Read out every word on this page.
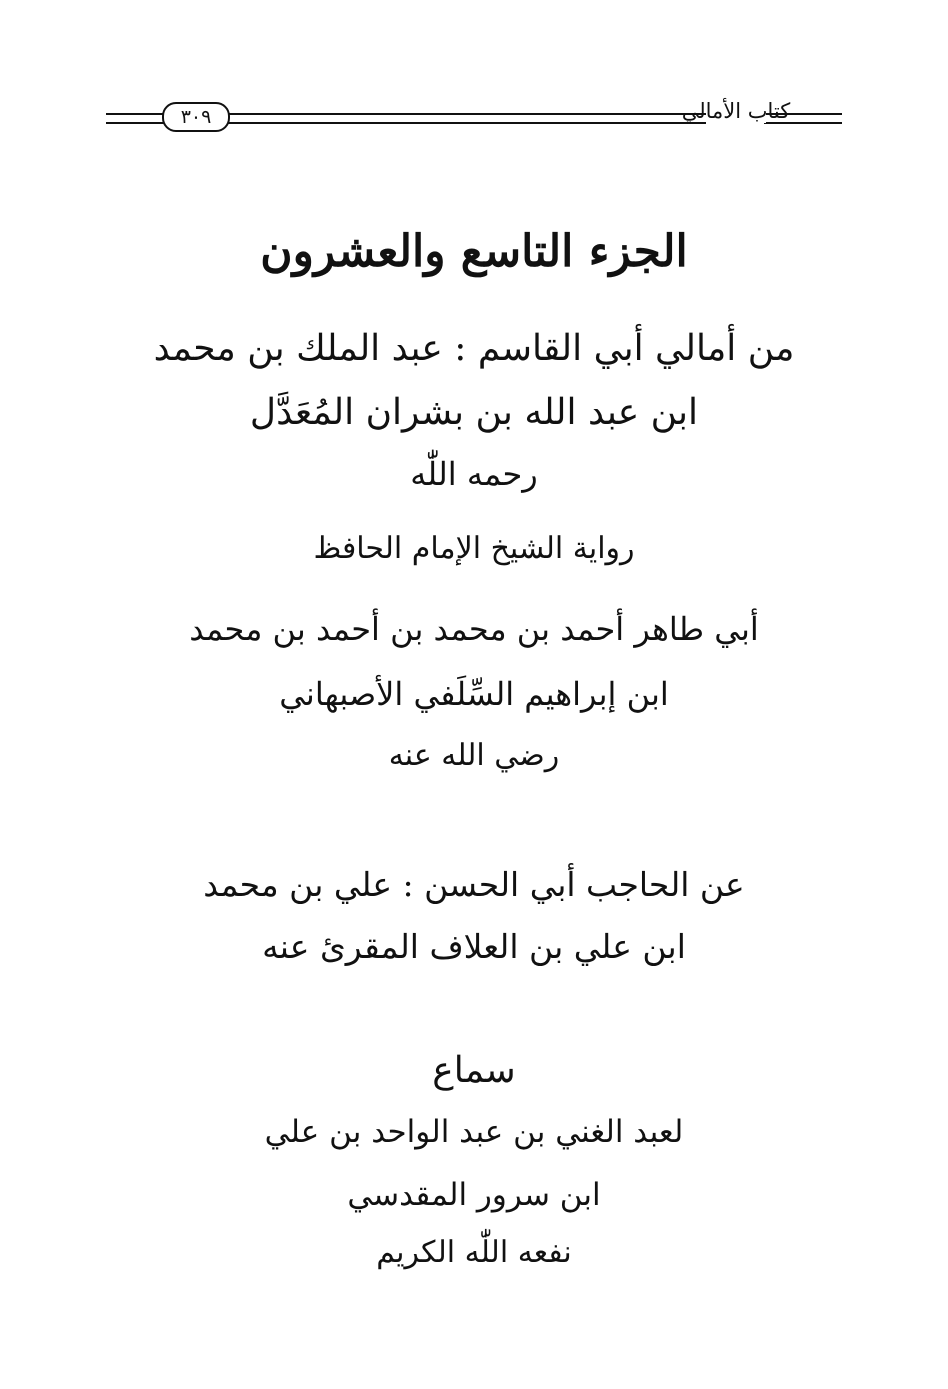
٣٠٩	كتاب الأمالي
الجزء التاسع والعشرون
من أمالي أبي القاسم : عبد الملك بن محمد
ابن عبد الله بن بشران المُعَدَّل
رحمه اللّٰه
رواية الشيخ الإمام الحافظ
أبي طاهر أحمد بن محمد بن أحمد بن محمد
ابن إبراهيم السِّلَفي الأصبهاني
رضي الله عنه
عن الحاجب أبي الحسن : علي بن محمد
ابن علي بن العلاف المقرئ عنه
سماع
لعبد الغني بن عبد الواحد بن علي
ابن سرور المقدسي
نفعه اللّٰه الكريم
